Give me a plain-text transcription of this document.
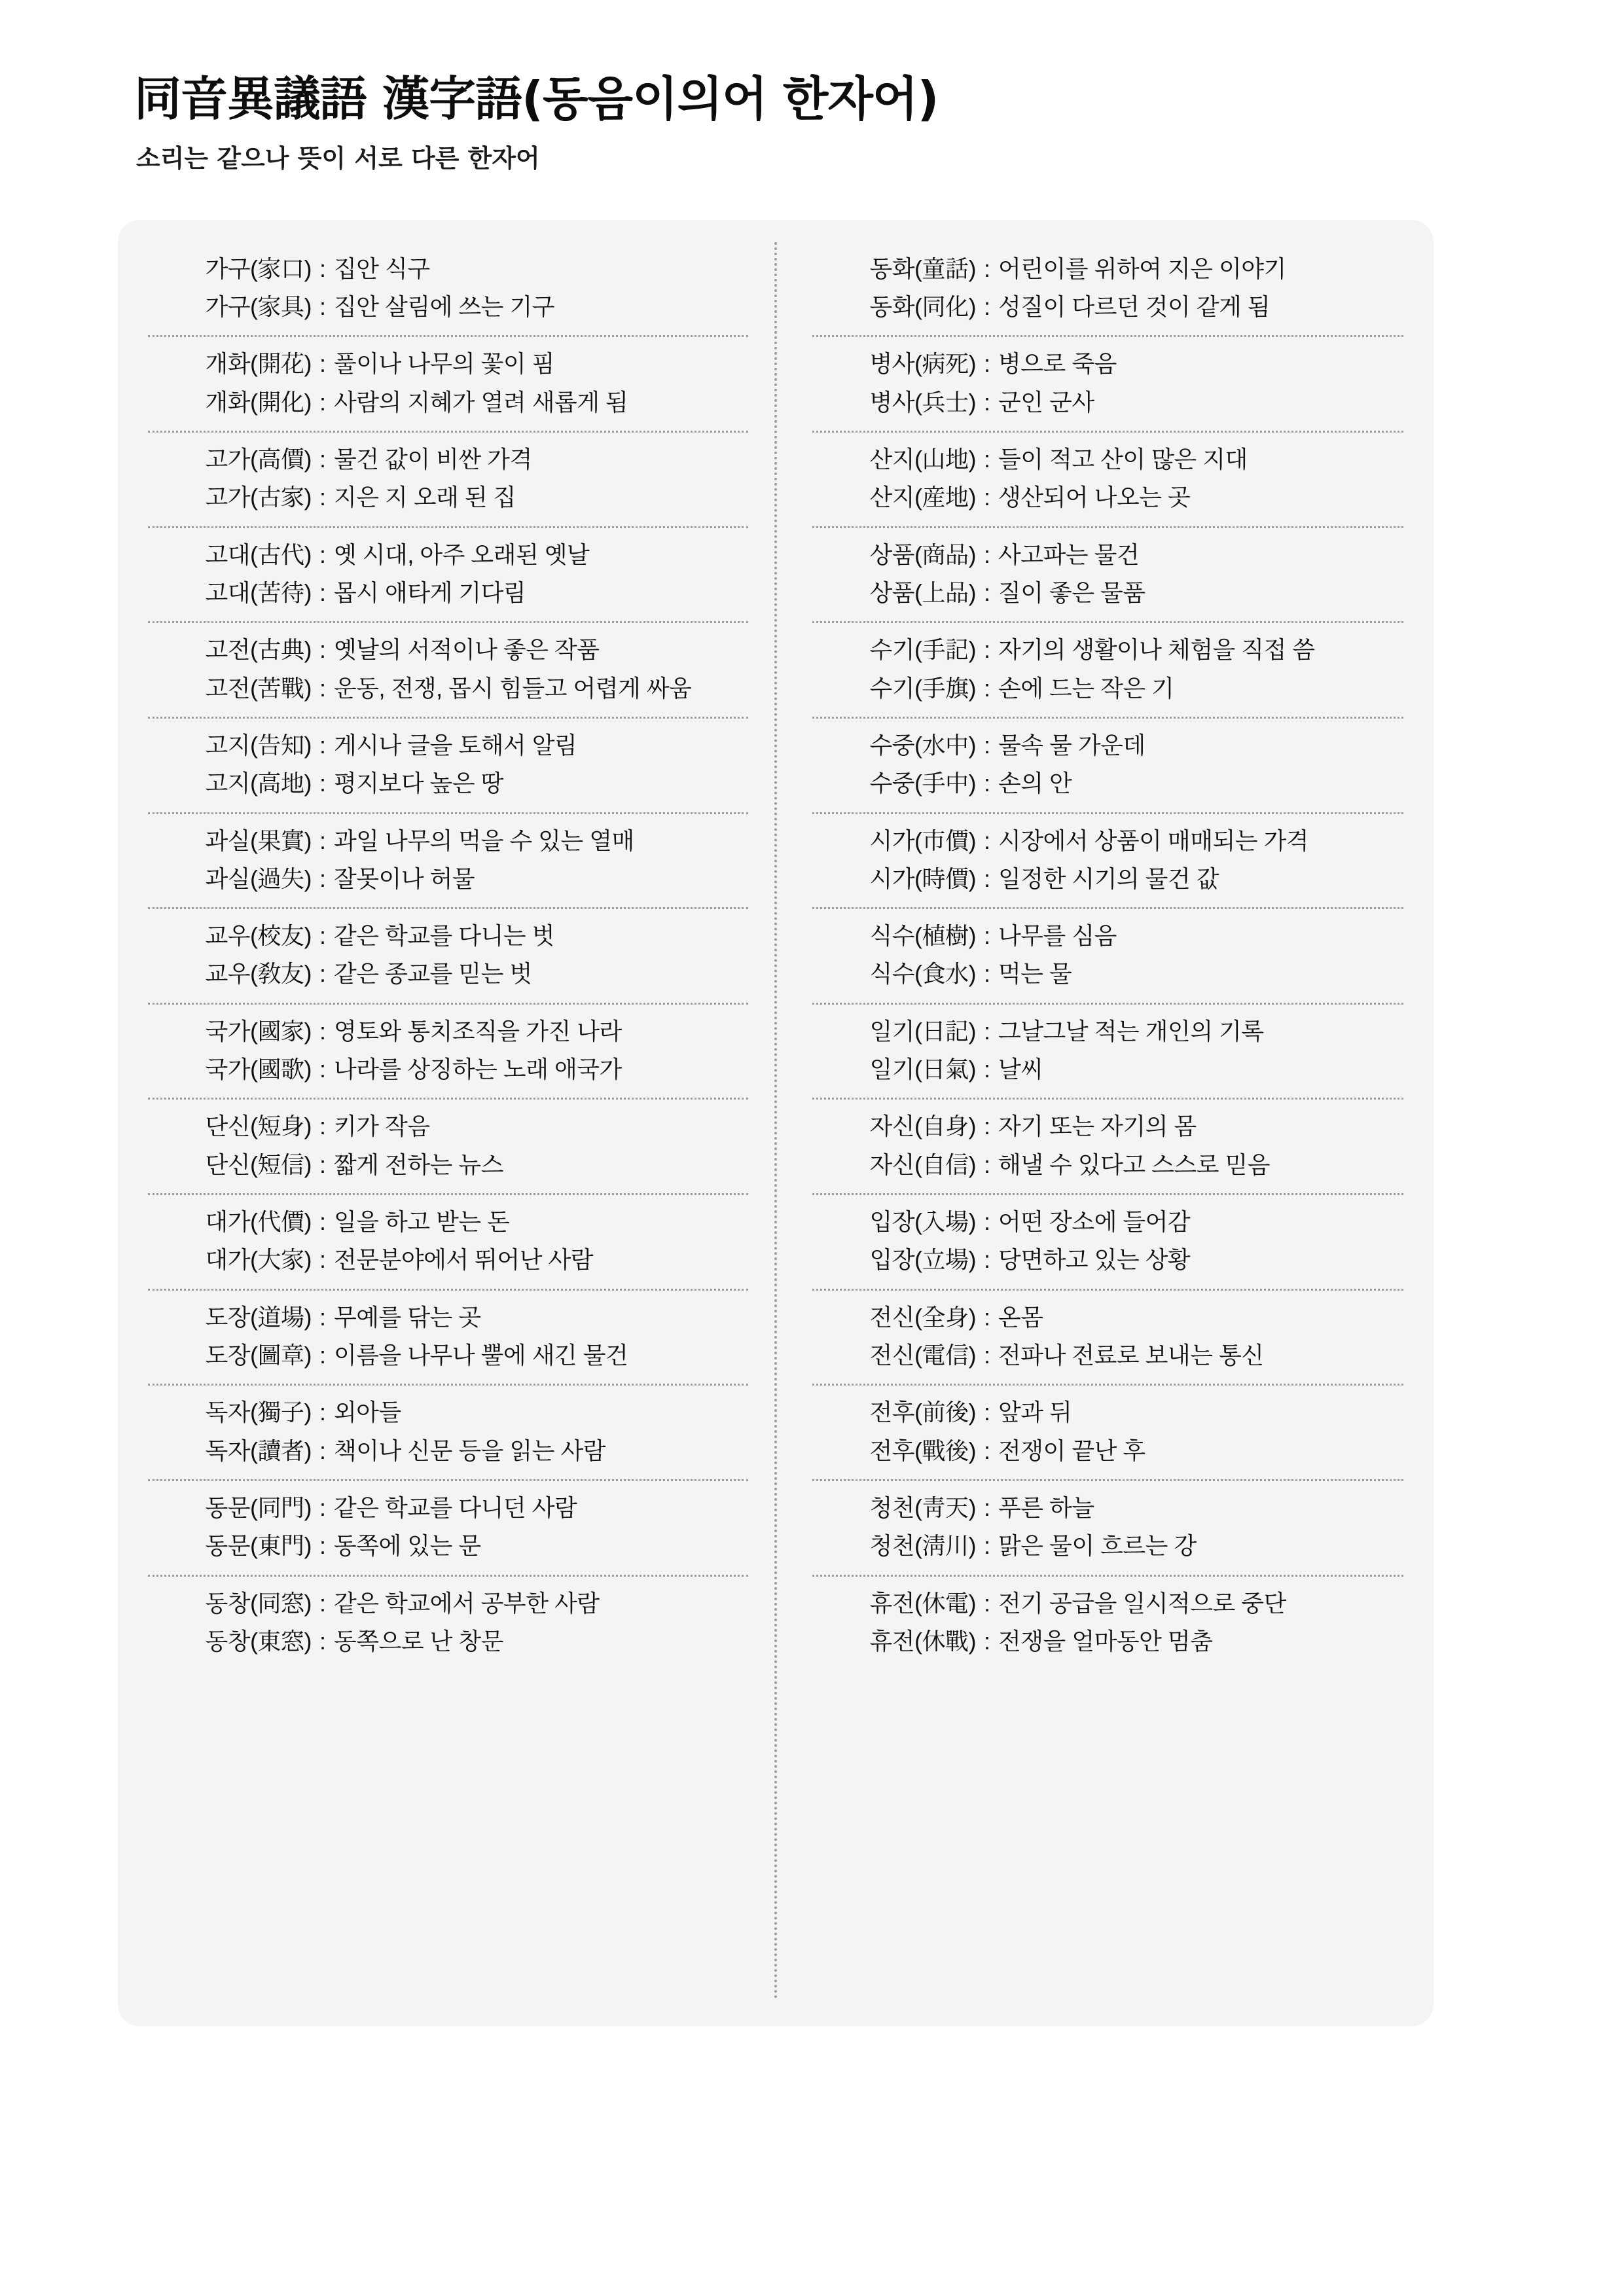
同音異議語 漢字語(동음이의어 한자어)
소리는 같으나 뜻이 서로 다른 한자어
가구(家口) : 집안 식구
가구(家具) : 집안 살림에 쓰는 기구
개화(開花) : 풀이나 나무의 꽃이 핌
개화(開化) : 사람의 지혜가 열려 새롭게 됨
고가(高價) : 물건 값이 비싼 가격
고가(古家) : 지은 지 오래 된 집
고대(古代) : 옛 시대, 아주 오래된 옛날
고대(苦待) : 몹시 애타게 기다림
고전(古典) : 옛날의 서적이나 좋은 작품
고전(苦戰) : 운동, 전쟁, 몹시 힘들고 어렵게 싸움
고지(告知) : 게시나 글을 토해서 알림
고지(高地) : 평지보다 높은 땅
과실(果實) : 과일 나무의 먹을 수 있는 열매
과실(過失) : 잘못이나 허물
교우(校友) : 같은 학교를 다니는 벗
교우(敎友) : 같은 종교를 믿는 벗
국가(國家) : 영토와 통치조직을 가진 나라
국가(國歌) : 나라를 상징하는 노래 애국가
단신(短身) : 키가 작음
단신(短信) : 짧게 전하는 뉴스
대가(代價) : 일을 하고 받는 돈
대가(大家) : 전문분야에서 뛰어난 사람
도장(道場) : 무예를 닦는 곳
도장(圖章) : 이름을 나무나 뿔에 새긴 물건
독자(獨子) : 외아들
독자(讀者) : 책이나 신문 등을 읽는 사람
동문(同門) : 같은 학교를 다니던 사람
동문(東門) : 동쪽에 있는 문
동창(同窓) : 같은 학교에서 공부한 사람
동창(東窓) : 동쪽으로 난 창문
동화(童話) : 어린이를 위하여 지은 이야기
동화(同化) : 성질이 다르던 것이 같게 됨
병사(病死) : 병으로 죽음
병사(兵士) : 군인 군사
산지(山地) : 들이 적고 산이 많은 지대
산지(産地) : 생산되어 나오는 곳
상품(商品) : 사고파는 물건
상품(上品) : 질이 좋은 물품
수기(手記) : 자기의 생활이나 체험을 직접 씀
수기(手旗) : 손에 드는 작은 기
수중(水中) : 물속 물 가운데
수중(手中) : 손의 안
시가(市價) : 시장에서 상품이 매매되는 가격
시가(時價) : 일정한 시기의 물건 값
식수(植樹) : 나무를 심음
식수(食水) : 먹는 물
일기(日記) : 그날그날 적는 개인의 기록
일기(日氣) : 날씨
자신(自身) : 자기 또는 자기의 몸
자신(自信) : 해낼 수 있다고 스스로 믿음
입장(入場) : 어떤 장소에 들어감
입장(立場) : 당면하고 있는 상황
전신(全身) : 온몸
전신(電信) : 전파나 전료로 보내는 통신
전후(前後) : 앞과 뒤
전후(戰後) : 전쟁이 끝난 후
청천(靑天) : 푸른 하늘
청천(淸川) : 맑은 물이 흐르는 강
휴전(休電) : 전기 공급을 일시적으로 중단
휴전(休戰) : 전쟁을 얼마동안 멈춤
